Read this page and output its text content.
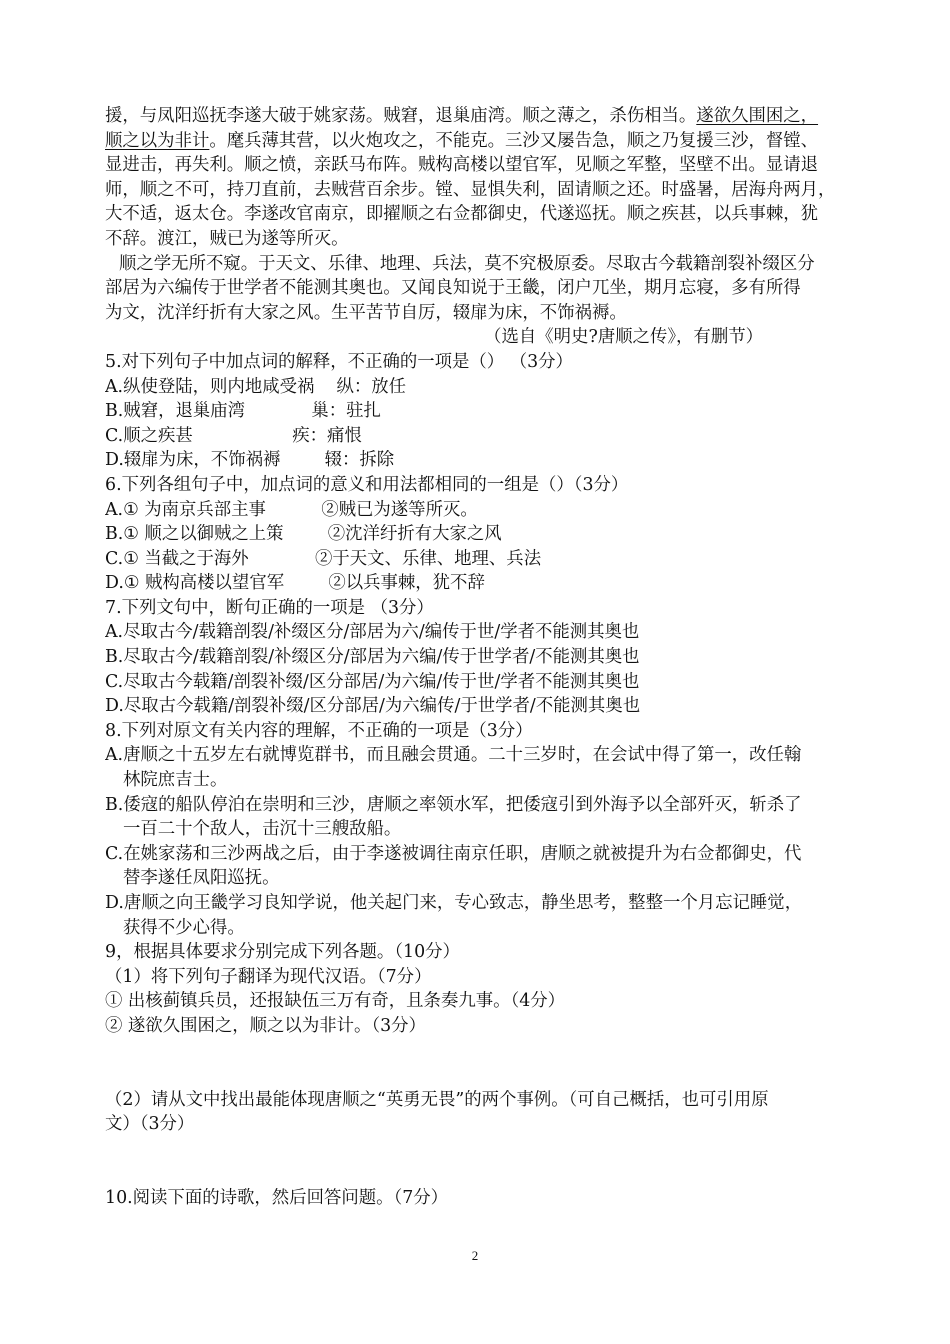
援，与凤阳巡抚李遂大破于姚家荡。贼窘，退巢庙湾。顺之薄之，杀伤相当。遂欲久围困之，
顺之以为非计。麾兵薄其营，以火炮攻之，不能克。三沙又屡告急，顺之乃复援三沙，督镗、
显进击，再失利。顺之愤，亲跃马布阵。贼构高楼以望官军，见顺之军整，坚壁不出。显请退
师，顺之不可，持刀直前，去贼营百余步。镗、显惧失利，固请顺之还。时盛暑，居海舟两月，
大不适，返太仓。李遂改官南京，即擢顺之右佥都御史，代遂巡抚。顺之疾甚，以兵事棘，犹
不辞。渡江，贼已为遂等所灭。
顺之学无所不窥。于天文、乐律、地理、兵法，莫不究极原委。尽取古今载籍剖裂补缀区分
部居为六编传于世学者不能测其奥也。又闻良知说于王畿，闭户兀坐，期月忘寝，多有所得
为文，沈洋纡折有大家之风。生平苦节自厉，辍扉为床，不饰祸褥。
（选自《明史?唐顺之传》，有删节）
5.对下列句子中加点词的解释，不正确的一项是（） （3分）
A.纵使登陆，则内地咸受祸    纵：放任
B.贼窘，退巢庙湾            巢：驻扎
C.顺之疾甚                  疾：痛恨
D.辍扉为床，不饰祸褥        辍：拆除
6.下列各组句子中，加点词的意义和用法都相同的一组是（）（3分）
A.① 为南京兵部主事          ②贼已为遂等所灭。
B.① 顺之以御贼之上策        ②沈洋纡折有大家之风
C.① 当截之于海外            ②于天文、乐律、地理、兵法
D.① 贼构高楼以望官军        ②以兵事棘，犹不辞
7.下列文句中，断句正确的一项是 （3分）
A.尽取古今/载籍剖裂/补缀区分/部居为六/编传于世/学者不能测其奥也
B.尽取古今/载籍剖裂/补缀区分/部居为六编/传于世学者/不能测其奥也
C.尽取古今载籍/剖裂补缀/区分部居/为六编/传于世/学者不能测其奥也
D.尽取古今载籍/剖裂补缀/区分部居/为六编传/于世学者/不能测其奥也
8.下列对原文有关内容的理解，不正确的一项是（3分）
A.唐顺之十五岁左右就博览群书，而且融会贯通。二十三岁时，在会试中得了第一，改任翰
林院庶吉士。
B.倭寇的船队停泊在崇明和三沙，唐顺之率领水军，把倭寇引到外海予以全部歼灭，斩杀了
一百二十个敌人，击沉十三艘敌船。
C.在姚家荡和三沙两战之后，由于李遂被调往南京任职，唐顺之就被提升为右佥都御史，代
替李遂任凤阳巡抚。
D.唐顺之向王畿学习良知学说，他关起门来，专心致志，静坐思考，整整一个月忘记睡觉，
获得不少心得。
9，根据具体要求分别完成下列各题。（10分）
（1）将下列句子翻译为现代汉语。（7分）
① 出核蓟镇兵员，还报缺伍三万有奇，且条奏九事。（4分）
② 遂欲久围困之，顺之以为非计。（3分）
（2）请从文中找出最能体现唐顺之“英勇无畏”的两个事例。（可自己概括，也可引用原
文）（3分）
10.阅读下面的诗歌，然后回答问题。（7分）
2
